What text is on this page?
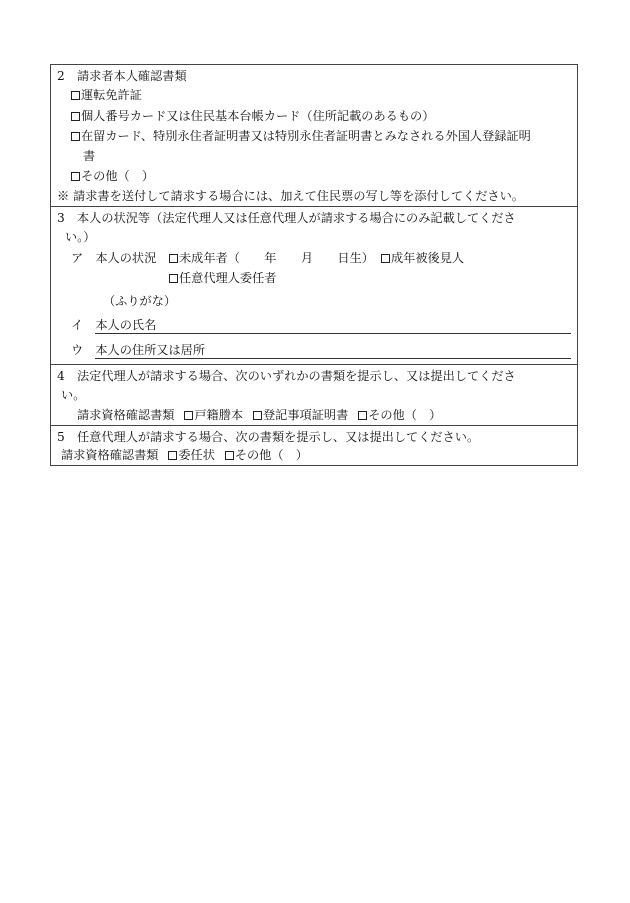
2　請求者本人確認書類
運転免許証
個人番号カード又は住民基本台帳カード（住所記載のあるもの）
在留カード、特別永住者証明書又は特別永住者証明書とみなされる外国人登録証明
書
その他（　）
※ 請求書を送付して請求する場合には、加えて住民票の写し等を添付してください。
3　本人の状況等（法定代理人又は任意代理人が請求する場合にのみ記載してくださ
い。）
ア　本人の状況	未成年者（　　年　　月　　日生）	成年被後見人
任意代理人委任者
（ふりがな）
イ　本人の氏名
ウ　本人の住所又は居所
4　法定代理人が請求する場合、次のいずれかの書類を提示し、又は提出してくださ
い。
請求資格確認書類 戸籍謄本 登記事項証明書 その他（　）
5　任意代理人が請求する場合、次の書類を提示し、又は提出してください。
請求資格確認書類 委任状 その他（　）
